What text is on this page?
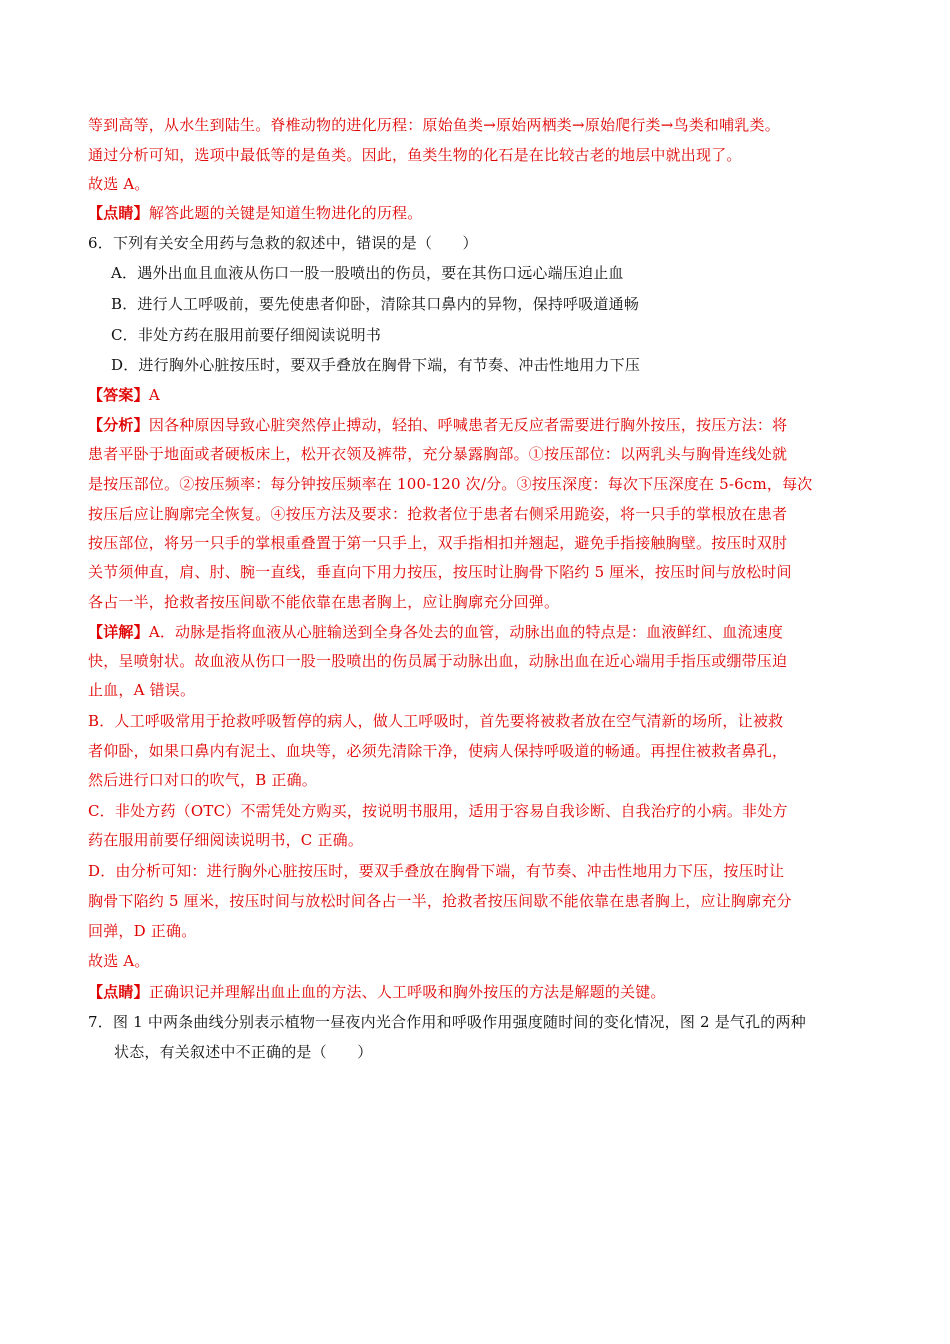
等到高等，从水生到陆生。脊椎动物的进化历程：原始鱼类→原始两栖类→原始爬行类→鸟类和哺乳类。
通过分析可知，选项中最低等的是鱼类。因此，鱼类生物的化石是在比较古老的地层中就出现了。
故选 A。
【点睛】解答此题的关键是知道生物进化的历程。
6．下列有关安全用药与急救的叙述中，错误的是（　　）
A．遇外出血且血液从伤口一股一股喷出的伤员，要在其伤口远心端压迫止血
B．进行人工呼吸前，要先使患者仰卧，清除其口鼻内的异物，保持呼吸道通畅
C．非处方药在服用前要仔细阅读说明书
D．进行胸外心脏按压时，要双手叠放在胸骨下端，有节奏、冲击性地用力下压
【答案】A
【分析】因各种原因导致心脏突然停止搏动，轻拍、呼喊患者无反应者需要进行胸外按压，按压方法：将
患者平卧于地面或者硬板床上，松开衣领及裤带，充分暴露胸部。①按压部位：以两乳头与胸骨连线处就
是按压部位。②按压频率：每分钟按压频率在 100-120 次/分。③按压深度：每次下压深度在 5-6cm，每次
按压后应让胸廓完全恢复。④按压方法及要求：抢救者位于患者右侧采用跪姿，将一只手的掌根放在患者
按压部位，将另一只手的掌根重叠置于第一只手上，双手指相扣并翘起，避免手指接触胸壁。按压时双肘
关节须伸直，肩、肘、腕一直线，垂直向下用力按压，按压时让胸骨下陷约 5 厘米，按压时间与放松时间
各占一半，抢救者按压间歇不能依靠在患者胸上，应让胸廓充分回弹。
【详解】A．动脉是指将血液从心脏输送到全身各处去的血管，动脉出血的特点是：血液鲜红、血流速度
快，呈喷射状。故血液从伤口一股一股喷出的伤员属于动脉出血，动脉出血在近心端用手指压或绷带压迫
止血，A 错误。
B．人工呼吸常用于抢救呼吸暂停的病人，做人工呼吸时，首先要将被救者放在空气清新的场所，让被救
者仰卧，如果口鼻内有泥土、血块等，必须先清除干净，使病人保持呼吸道的畅通。再捏住被救者鼻孔，
然后进行口对口的吹气，B 正确。
C．非处方药（OTC）不需凭处方购买，按说明书服用，适用于容易自我诊断、自我治疗的小病。非处方
药在服用前要仔细阅读说明书，C 正确。
D．由分析可知：进行胸外心脏按压时，要双手叠放在胸骨下端，有节奏、冲击性地用力下压，按压时让
胸骨下陷约 5 厘米，按压时间与放松时间各占一半，抢救者按压间歇不能依靠在患者胸上，应让胸廓充分
回弹，D 正确。
故选 A。
【点睛】正确识记并理解出血止血的方法、人工呼吸和胸外按压的方法是解题的关键。
7．图 1 中两条曲线分别表示植物一昼夜内光合作用和呼吸作用强度随时间的变化情况，图 2 是气孔的两种
状态，有关叙述中不正确的是（　　）
